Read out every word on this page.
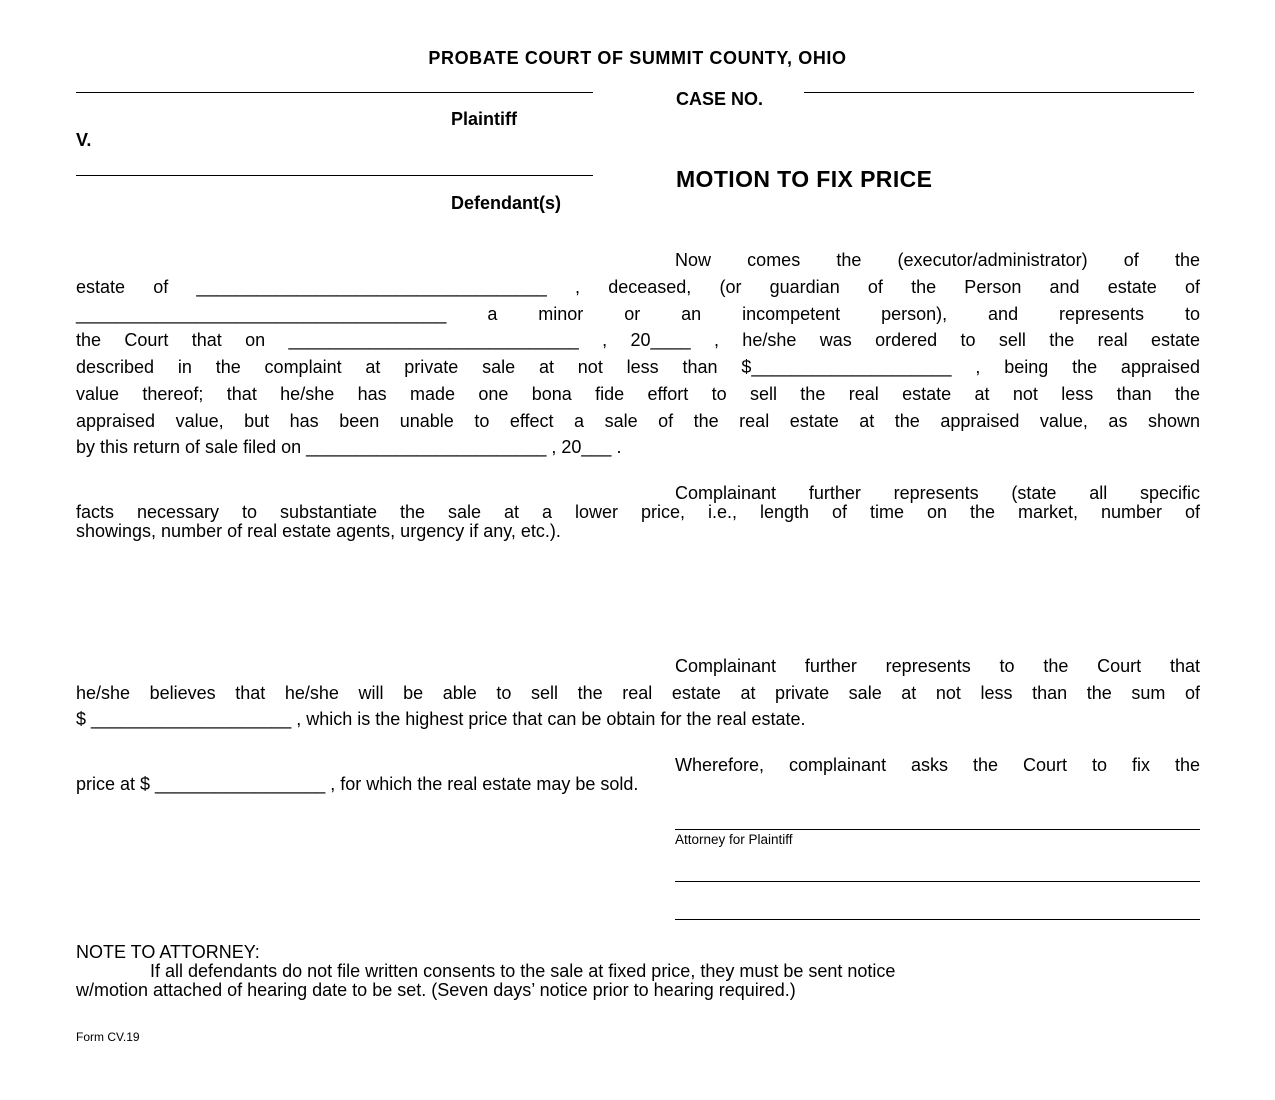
PROBATE COURT OF SUMMIT COUNTY, OHIO
Plaintiff
V.
CASE NO.
Defendant(s)
MOTION TO FIX PRICE
Now comes the (executor/administrator) of the
estate of ___________________________________ , deceased, (or guardian of the Person and estate of
_____________________________________ a minor or an incompetent person), and represents to
the Court that on _____________________________ , 20____ , he/she was ordered to sell the real estate
described in the complaint at private sale at not less than $____________________ , being the appraised
value thereof; that he/she has made one bona fide effort to sell the real estate at not less than the
appraised value, but has been unable to effect a sale of the real estate at the appraised value, as shown
by this return of sale filed on ________________________ , 20___ .
Complainant further represents (state all specific
facts necessary to substantiate the sale at a lower price, i.e., length of time on the market, number of
showings, number of real estate agents, urgency if any, etc.).
Complainant further represents to the Court that
he/she believes that he/she will be able to sell the real estate at private sale at not less than the sum of
$ ____________________ , which is the highest price that can be obtain for the real estate.
Wherefore, complainant asks the Court to fix the
price at $ _________________ , for which the real estate may be sold.
Attorney for Plaintiff
NOTE TO ATTORNEY:
If all defendants do not file written consents to the sale at fixed price, they must be sent notice
w/motion attached of hearing date to be set. (Seven days’ notice prior to hearing required.)
Form CV.19
